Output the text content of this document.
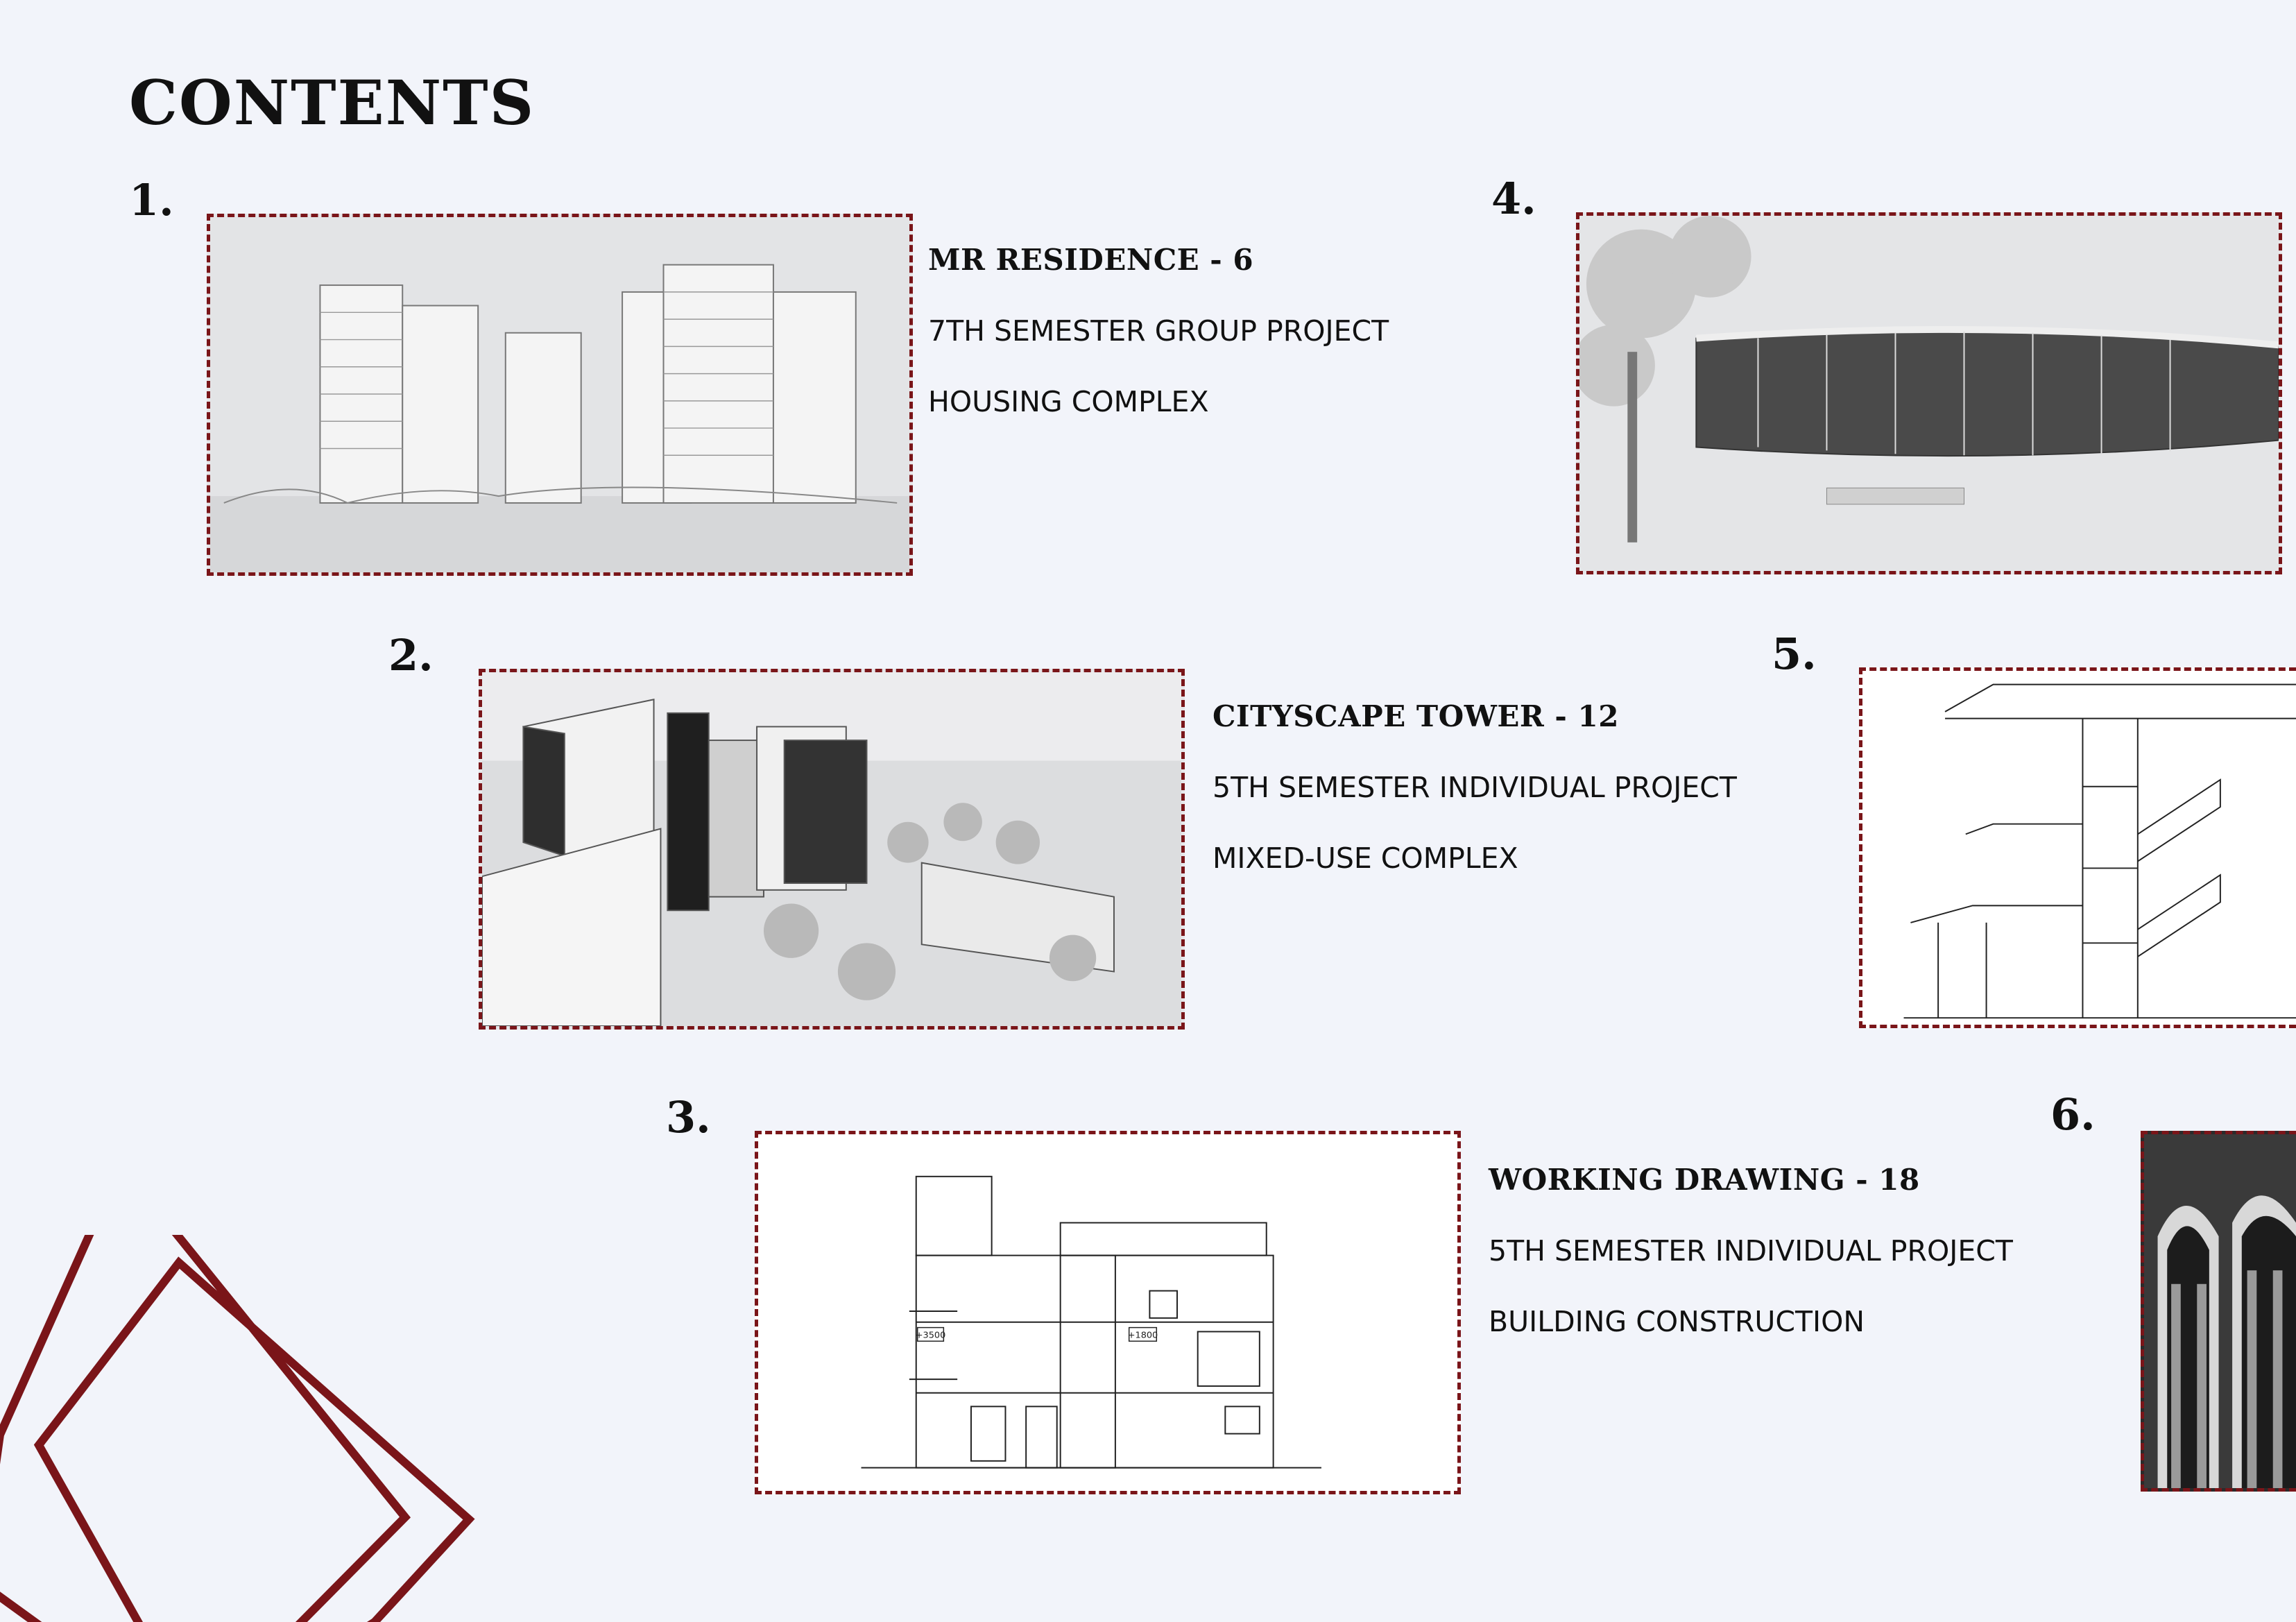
CONTENTS
1.

MR RESIDENCE - 6

7TH SEMESTER GROUP PROJECT

HOUSING COMPLEX

2.

CITYSCAPE TOWER - 12

5TH SEMESTER INDIVIDUAL PROJECT

MIXED-USE COMPLEX

3.
+3500	+1800

WORKING DRAWING - 18

5TH SEMESTER INDIVIDUAL PROJECT

BUILDING CONSTRUCTION

4.
5.
6.
